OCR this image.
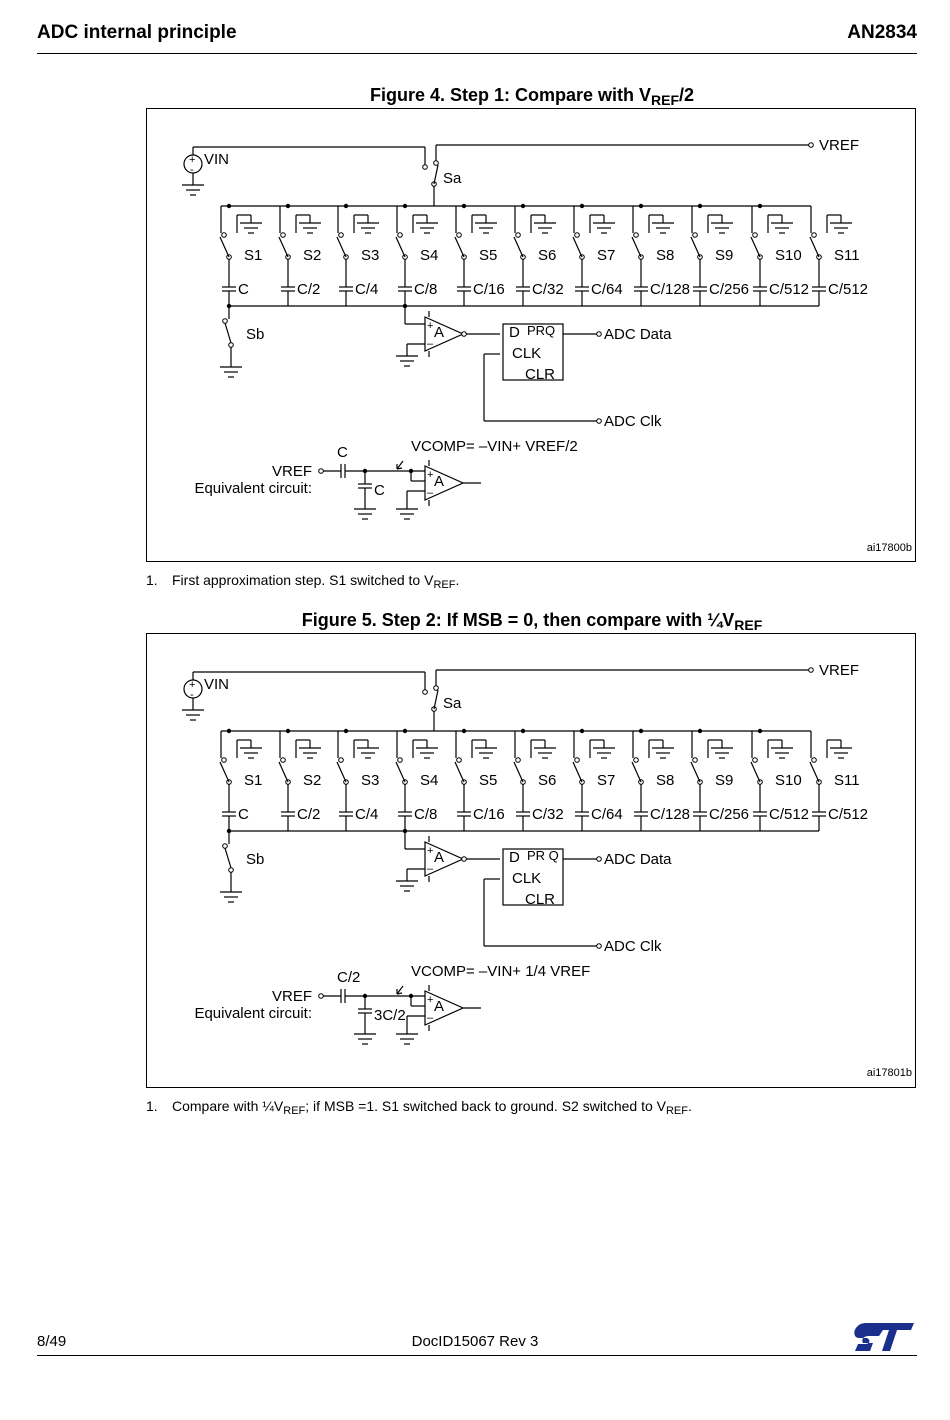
ADC internal principle	AN2834
Figure 4. Step 1: Compare with $V_{REF}/2$
+
-
VIN
VREF
Sa
S1
C
S2
C/2
S3
C/4
S4
C/8
S5
C/16
S6
C/32
S7
C/64
S8
C/128
S9
C/256
S10
C/512
S11
C/512
Sb	A
+
–
D PRQ
CLK
CLR
ADC Data
ADC Clk
VREF
Equivalent circuit:
C
C
VCOMP= –VIN+ VREF/2
A
+
–
ai17800b
1. First approximation step. S1 switched to $V_{REF}$.
Figure 5. Step 2: If MSB = 0, then compare with $\frac{1}{4}V_{REF}$
+
-
VIN
VREF
Sa
S1
C
S2
C/2
S3
C/4
S4
C/8
S5
C/16
S6
C/32
S7
C/64
S8
C/128
S9
C/256
S10
C/512
S11
C/512
Sb	A
+
–
D PR Q
CLK
CLR
ADC Data
ADC Clk
VREF
Equivalent circuit:
C/2
3C/2
VCOMP= –VIN+ 1/4 VREF
A
+
–
ai17801b
1. Compare with $\frac{1}{4}V_{REF}$; if MSB =1. S1 switched back to ground. S2 switched to $V_{REF}$.
8/49	DocID15067 Rev 3
